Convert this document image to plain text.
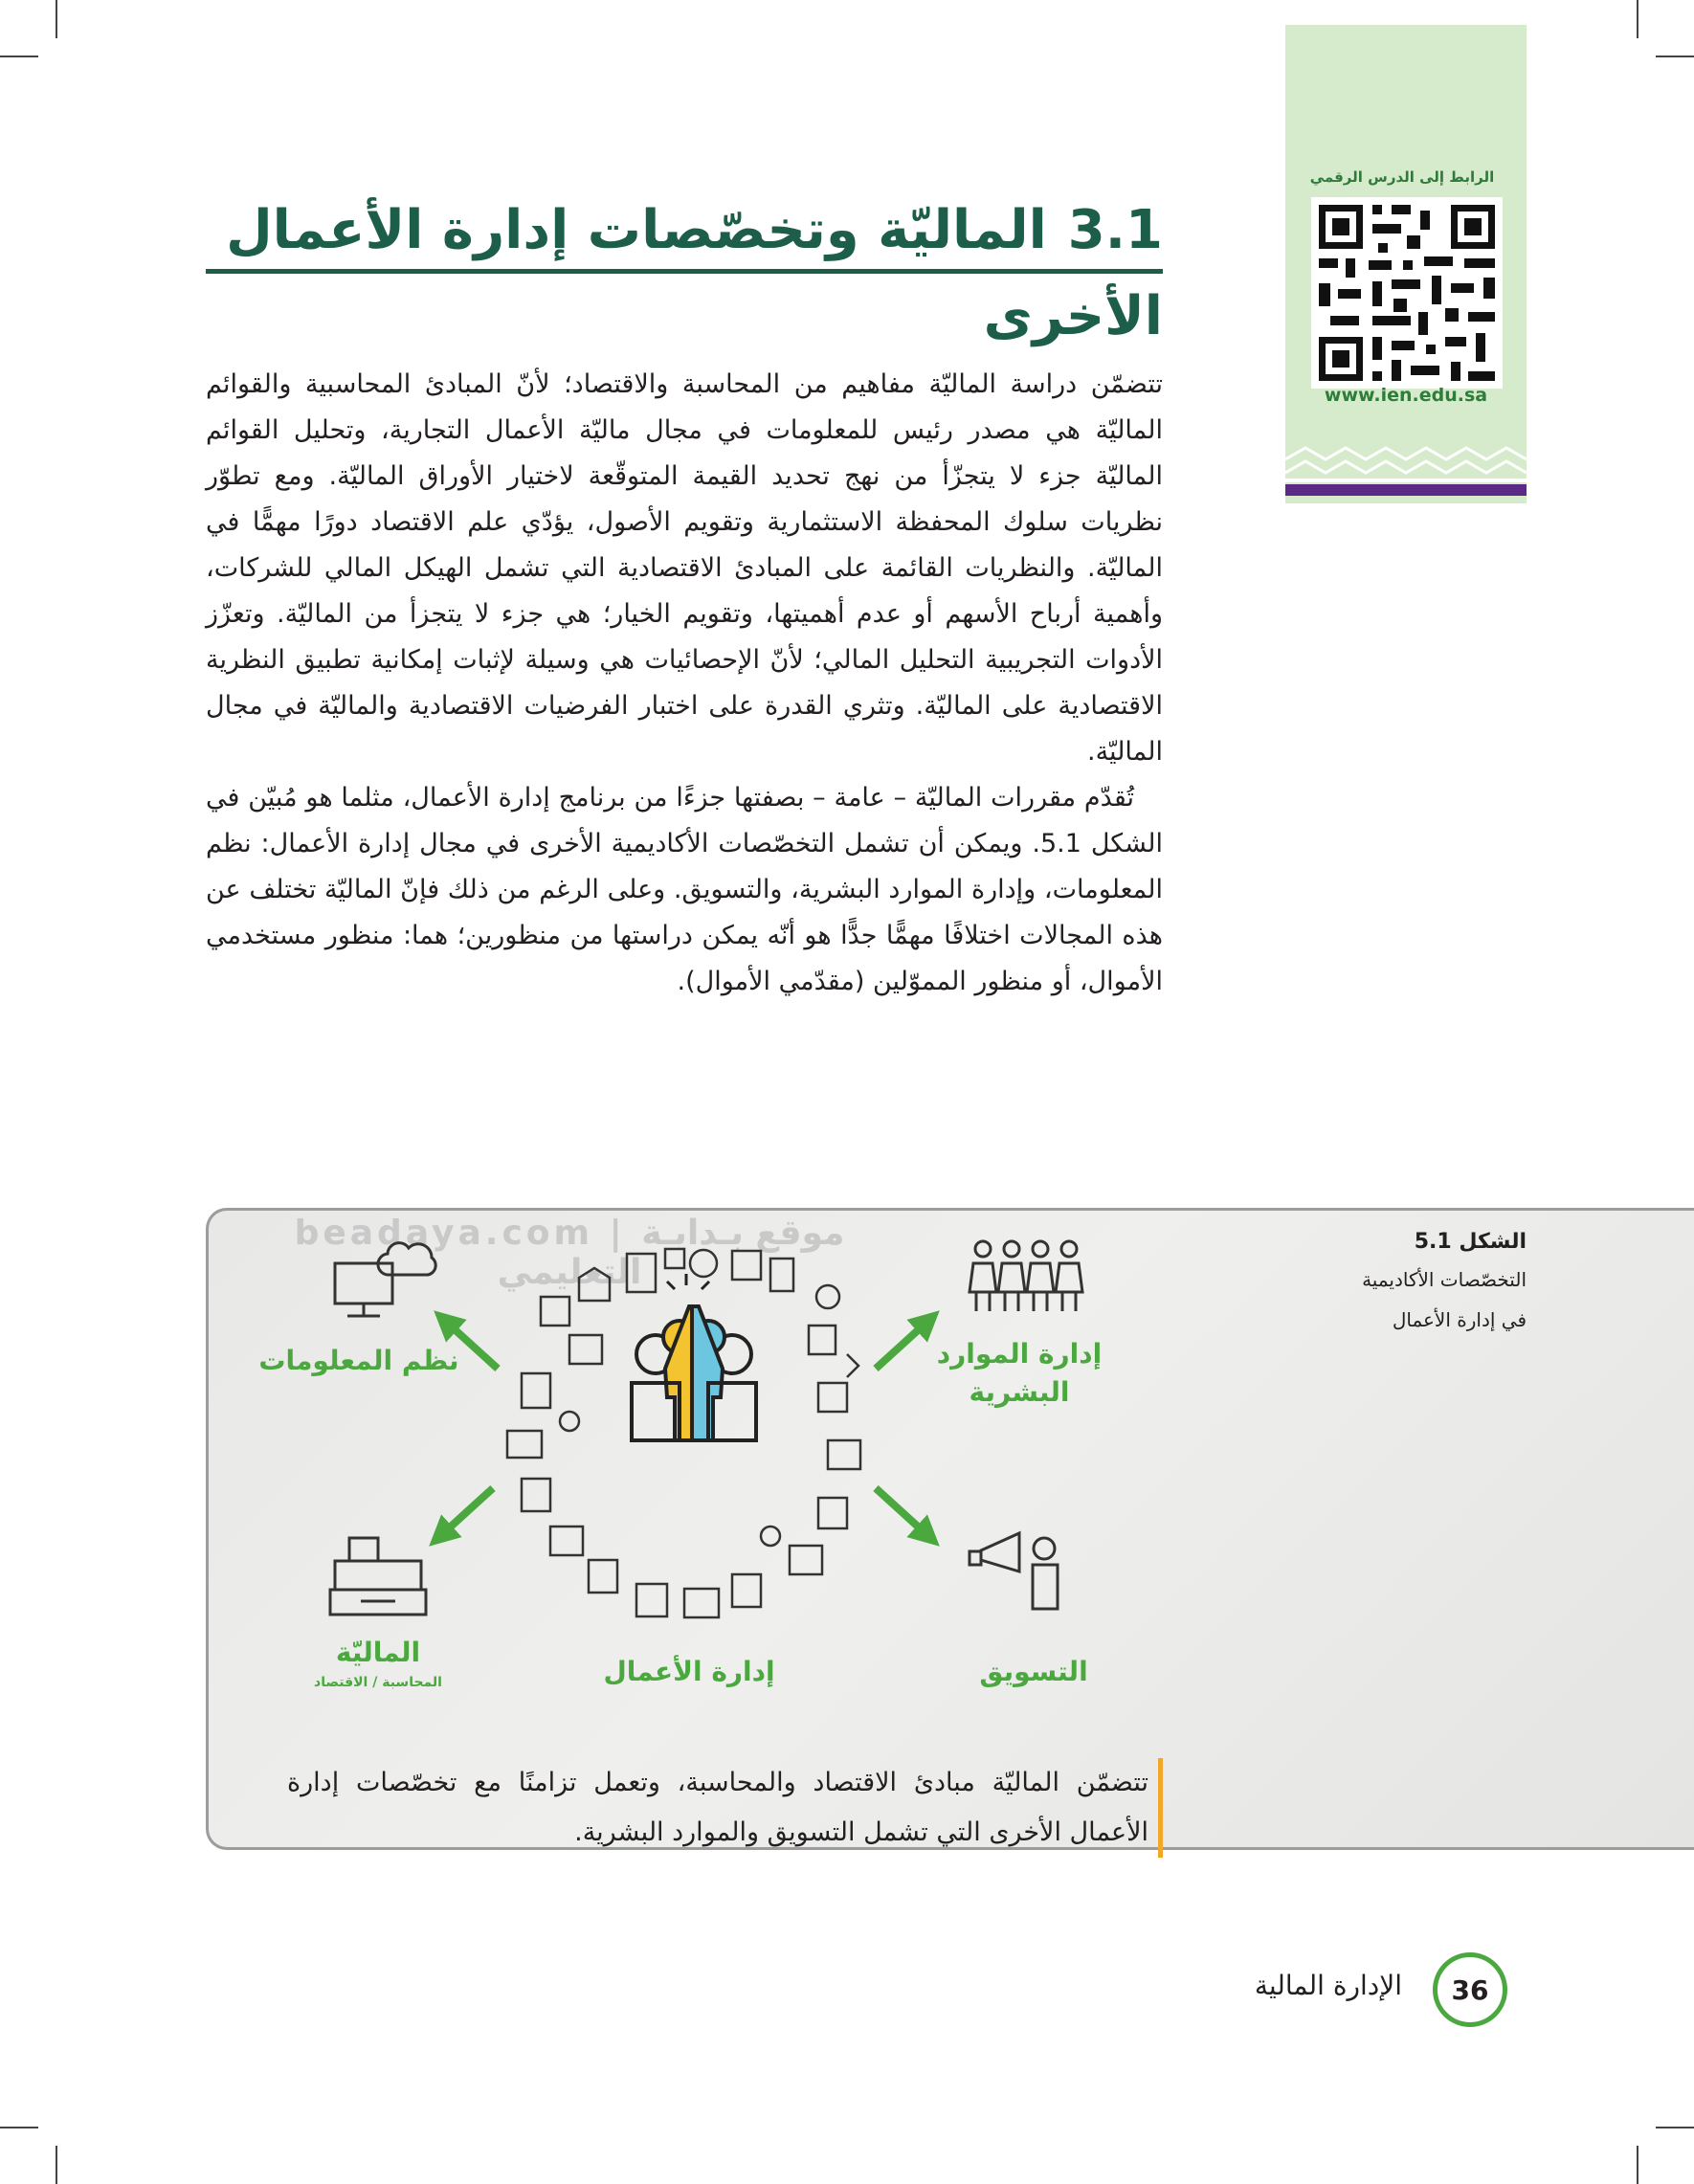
الرابط إلى الدرس الرقمي
www.ien.edu.sa
3.1الماليّة وتخصّصات إدارة الأعمال الأخرى

تتضمّن دراسة الماليّة مفاهيم من المحاسبة والاقتصاد؛ لأنّ المبادئ المحاسبية والقوائم الماليّة هي مصدر رئيس للمعلومات في مجال ماليّة الأعمال التجارية، وتحليل القوائم الماليّة جزء لا يتجزّأ من نهج تحديد القيمة المتوقّعة لاختيار الأوراق الماليّة. ومع تطوّر نظريات سلوك المحفظة الاستثمارية وتقويم الأصول، يؤدّي علم الاقتصاد دورًا مهمًّا في الماليّة. والنظريات القائمة على المبادئ الاقتصادية التي تشمل الهيكل المالي للشركات، وأهمية أرباح الأسهم أو عدم أهميتها، وتقويم الخيار؛ هي جزء لا يتجزأ من الماليّة. وتعزّز الأدوات التجريبية التحليل المالي؛ لأنّ الإحصائيات هي وسيلة لإثبات إمكانية تطبيق النظرية الاقتصادية على الماليّة. وتثري القدرة على اختبار الفرضيات الاقتصادية والماليّة في مجال الماليّة.

تُقدّم مقررات الماليّة – عامة – بصفتها جزءًا من برنامج إدارة الأعمال، مثلما هو مُبيّن في الشكل 5.1. ويمكن أن تشمل التخصّصات الأكاديمية الأخرى في مجال إدارة الأعمال: نظم المعلومات، وإدارة الموارد البشرية، والتسويق. وعلى الرغم من ذلك فإنّ الماليّة تختلف عن هذه المجالات اختلافًا مهمًّا جدًّا هو أنّه يمكن دراستها من منظورين؛ هما: منظور مستخدمي الأموال، أو منظور المموّلين (مقدّمي الأموال).

beadaya.com | موقع بـدايـة التعليمي
الشكل 5.1
التخصّصات الأكاديمية
في إدارة الأعمال
نظم المعلومات	إدارة الموارد
البشرية
الماليّة
المحاسبة / الاقتصاد	إدارة الأعمال	التسويق

تتضمّن الماليّة مبادئ الاقتصاد والمحاسبة، وتعمل تزامنًا مع تخصّصات إدارة الأعمال الأخرى التي تشمل التسويق والموارد البشرية.

36
الإدارة المالية
